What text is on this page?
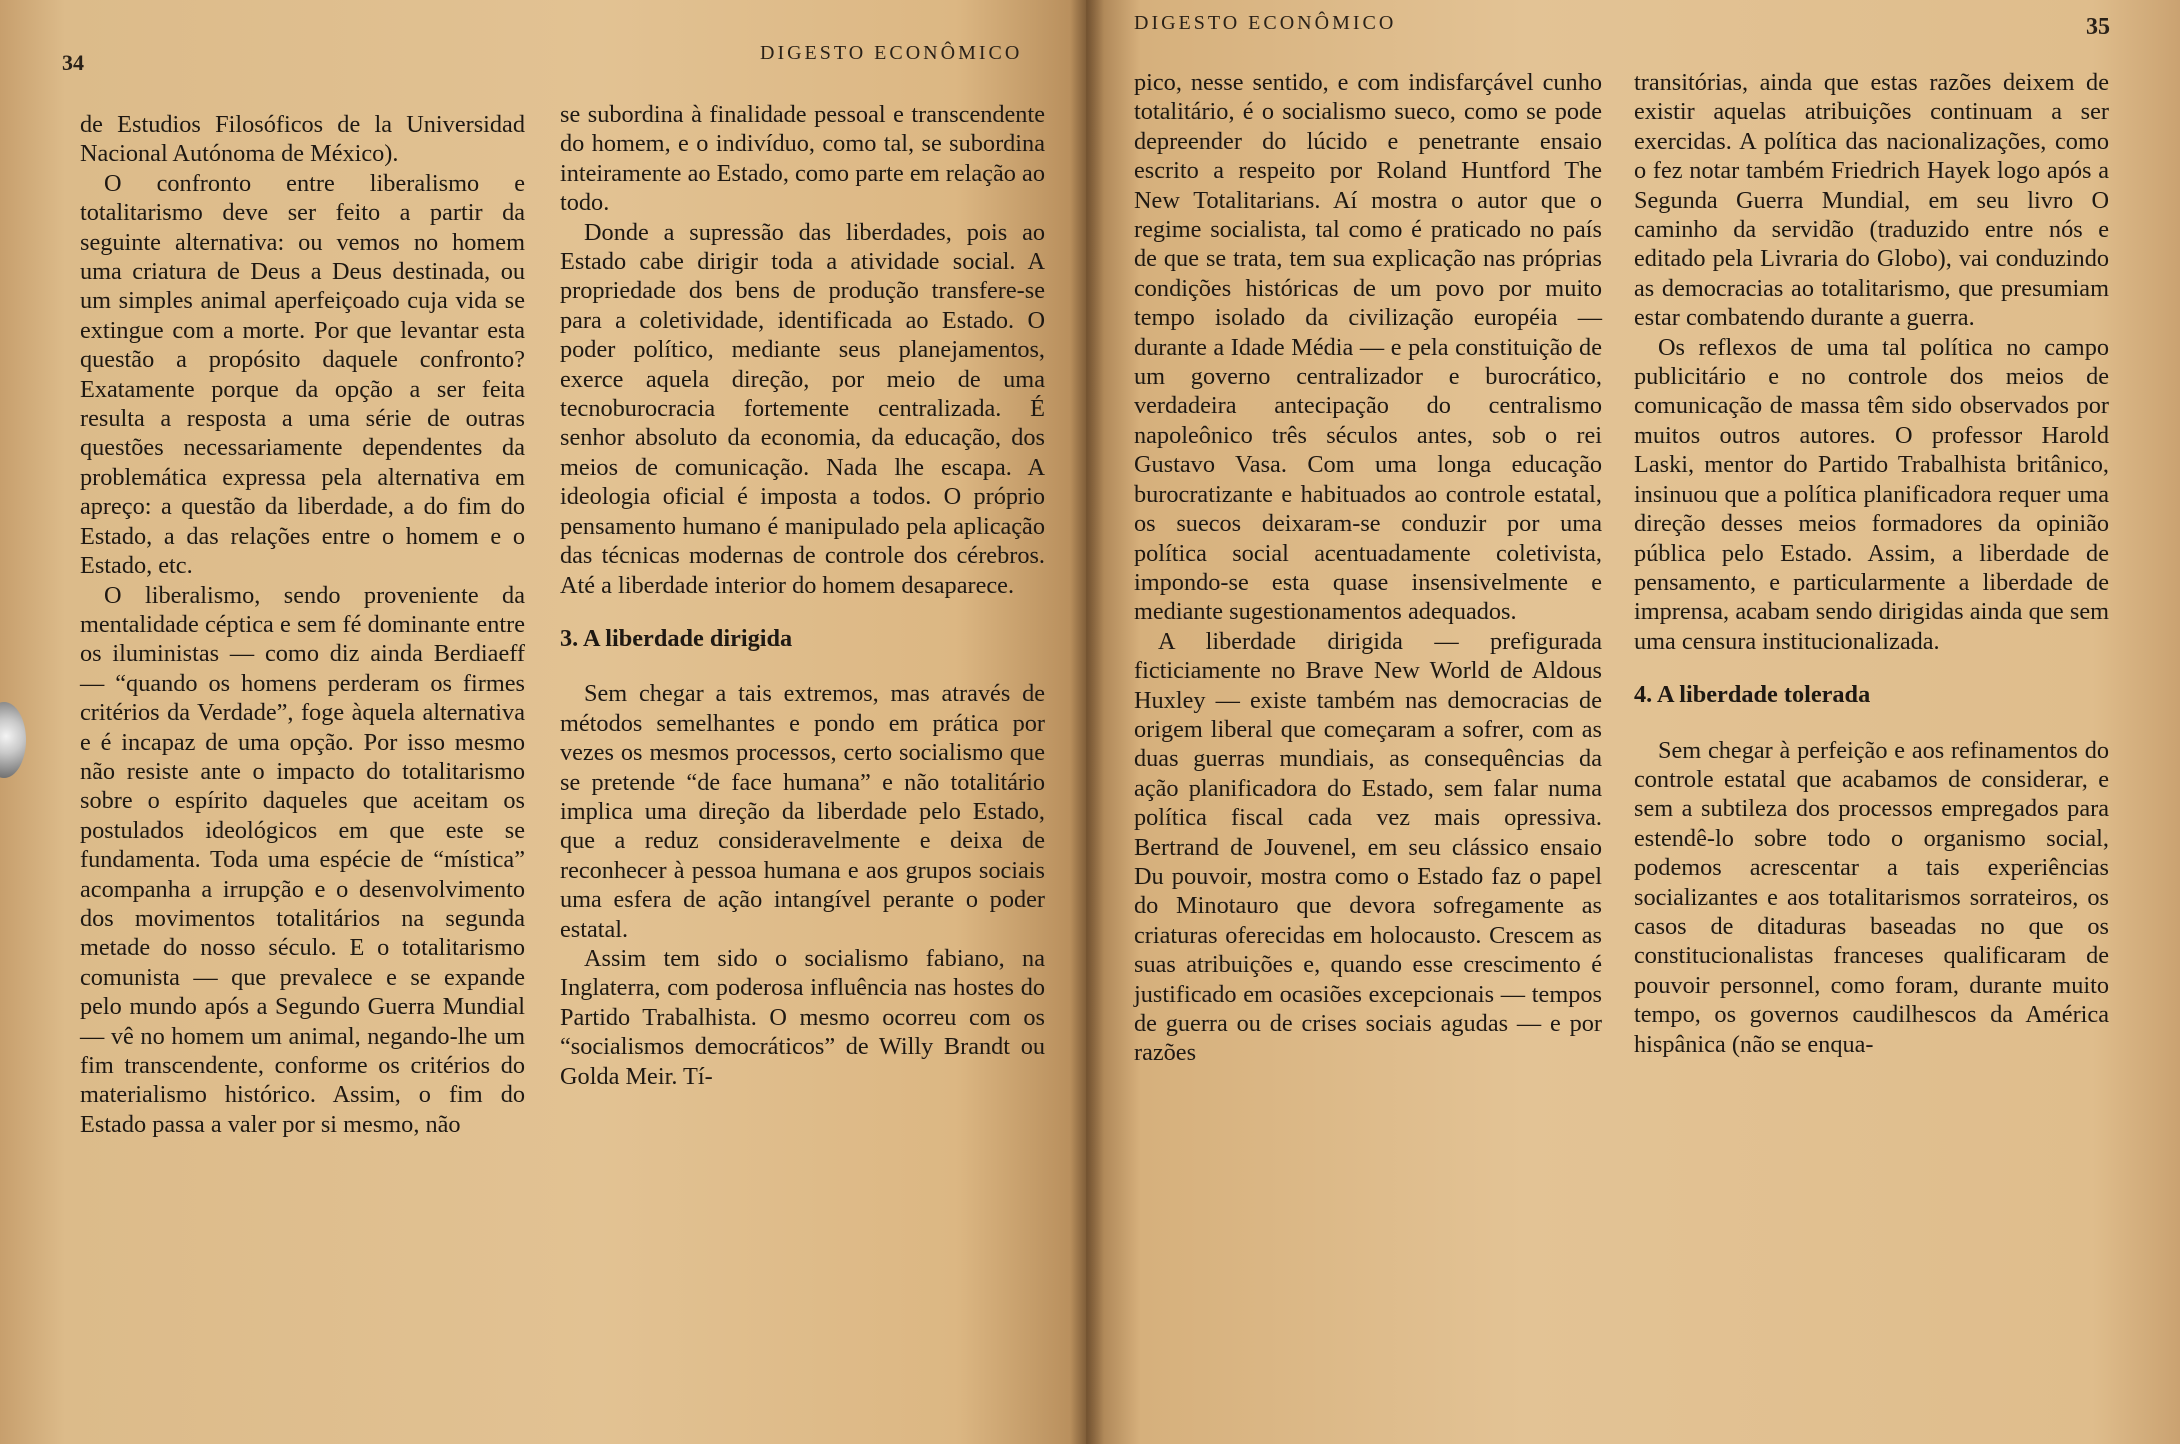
DIGESTO ECONÔMICO
34

de Estudios Filosóficos de la Universidad Nacional Autónoma de México).

O confronto entre liberalismo e totalitarismo deve ser feito a partir da seguinte alternativa: ou vemos no homem uma criatura de Deus a Deus destinada, ou um simples animal aperfeiçoado cuja vida se extingue com a morte. Por que levantar esta questão a propósito daquele confronto? Exatamente porque da opção a ser feita resulta a resposta a uma série de outras questões necessariamente dependentes da problemática expressa pela alternativa em apreço: a questão da liberdade, a do fim do Estado, a das relações entre o homem e o Estado, etc.

O liberalismo, sendo proveniente da mentalidade céptica e sem fé dominante entre os iluministas — como diz ainda Berdiaeff — “quando os homens perderam os firmes critérios da Verdade”, foge àquela alternativa e é incapaz de uma opção. Por isso mesmo não resiste ante o impacto do totalitarismo sobre o espírito daqueles que aceitam os postulados ideológicos em que este se fundamenta. Toda uma espécie de “mística” acompanha a irrupção e o desenvolvimento dos movimentos totalitários na segunda metade do nosso século. E o totalitarismo comunista — que prevalece e se expande pelo mundo após a Segundo Guerra Mundial — vê no homem um animal, negando-lhe um fim transcendente, conforme os critérios do materialismo histórico. Assim, o fim do Estado passa a valer por si mesmo, não

se subordina à finalidade pessoal e transcendente do homem, e o indivíduo, como tal, se subordina inteiramente ao Estado, como parte em relação ao todo.

Donde a supressão das liberdades, pois ao Estado cabe dirigir toda a atividade social. A propriedade dos bens de produção transfere-se para a coletividade, identificada ao Estado. O poder político, mediante seus planejamentos, exerce aquela direção, por meio de uma tecnoburocracia fortemente centralizada. É senhor absoluto da economia, da educação, dos meios de comunicação. Nada lhe escapa. A ideologia oficial é imposta a todos. O próprio pensamento humano é manipulado pela aplicação das técnicas modernas de controle dos cérebros. Até a liberdade interior do homem desaparece.

3. A liberdade dirigida

Sem chegar a tais extremos, mas através de métodos semelhantes e pondo em prática por vezes os mesmos processos, certo socialismo que se pretende “de face humana” e não totalitário implica uma direção da liberdade pelo Estado, que a reduz consideravelmente e deixa de reconhecer à pessoa humana e aos grupos sociais uma esfera de ação intangível perante o poder estatal.

Assim tem sido o socialismo fabiano, na Inglaterra, com poderosa influência nas hostes do Partido Trabalhista. O mesmo ocorreu com os “socialismos democráticos” de Willy Brandt ou Golda Meir. Tí-

DIGESTO ECONÔMICO	35

pico, nesse sentido, e com indisfarçável cunho totalitário, é o socialismo sueco, como se pode depreender do lúcido e penetrante ensaio escrito a respeito por Roland Huntford The New Totalitarians. Aí mostra o autor que o regime socialista, tal como é praticado no país de que se trata, tem sua explicação nas próprias condições históricas de um povo por muito tempo isolado da civilização européia — durante a Idade Média — e pela constituição de um governo centralizador e burocrático, verdadeira antecipação do centralismo napoleônico três séculos antes, sob o rei Gustavo Vasa. Com uma longa educação burocratizante e habituados ao controle estatal, os suecos deixaram-se conduzir por uma política social acentuadamente coletivista, impondo-se esta quase insensivelmente e mediante sugestionamentos adequados.

A liberdade dirigida — prefigurada ficticiamente no Brave New World de Aldous Huxley — existe também nas democracias de origem liberal que começaram a sofrer, com as duas guerras mundiais, as consequências da ação planificadora do Estado, sem falar numa política fiscal cada vez mais opressiva. Bertrand de Jouvenel, em seu clássico ensaio Du pouvoir, mostra como o Estado faz o papel do Minotauro que devora sofregamente as criaturas oferecidas em holocausto. Crescem as suas atribuições e, quando esse crescimento é justificado em ocasiões excepcionais — tempos de guerra ou de crises sociais agudas — e por razões

transitórias, ainda que estas razões deixem de existir aquelas atribuições continuam a ser exercidas. A política das nacionalizações, como o fez notar também Friedrich Hayek logo após a Segunda Guerra Mundial, em seu livro O caminho da servidão (traduzido entre nós e editado pela Livraria do Globo), vai conduzindo as democracias ao totalitarismo, que presumiam estar combatendo durante a guerra.

Os reflexos de uma tal política no campo publicitário e no controle dos meios de comunicação de massa têm sido observados por muitos outros autores. O professor Harold Laski, mentor do Partido Trabalhista britânico, insinuou que a política planificadora requer uma direção desses meios formadores da opinião pública pelo Estado. Assim, a liberdade de pensamento, e particularmente a liberdade de imprensa, acabam sendo dirigidas ainda que sem uma censura institucionalizada.

4. A liberdade tolerada

Sem chegar à perfeição e aos refinamentos do controle estatal que acabamos de considerar, e sem a subtileza dos processos empregados para estendê-lo sobre todo o organismo social, podemos acrescentar a tais experiências socializantes e aos totalitarismos sorrateiros, os casos de ditaduras baseadas no que os constitucionalistas franceses qualificaram de pouvoir personnel, como foram, durante muito tempo, os governos caudilhescos da América hispânica (não se enqua-
